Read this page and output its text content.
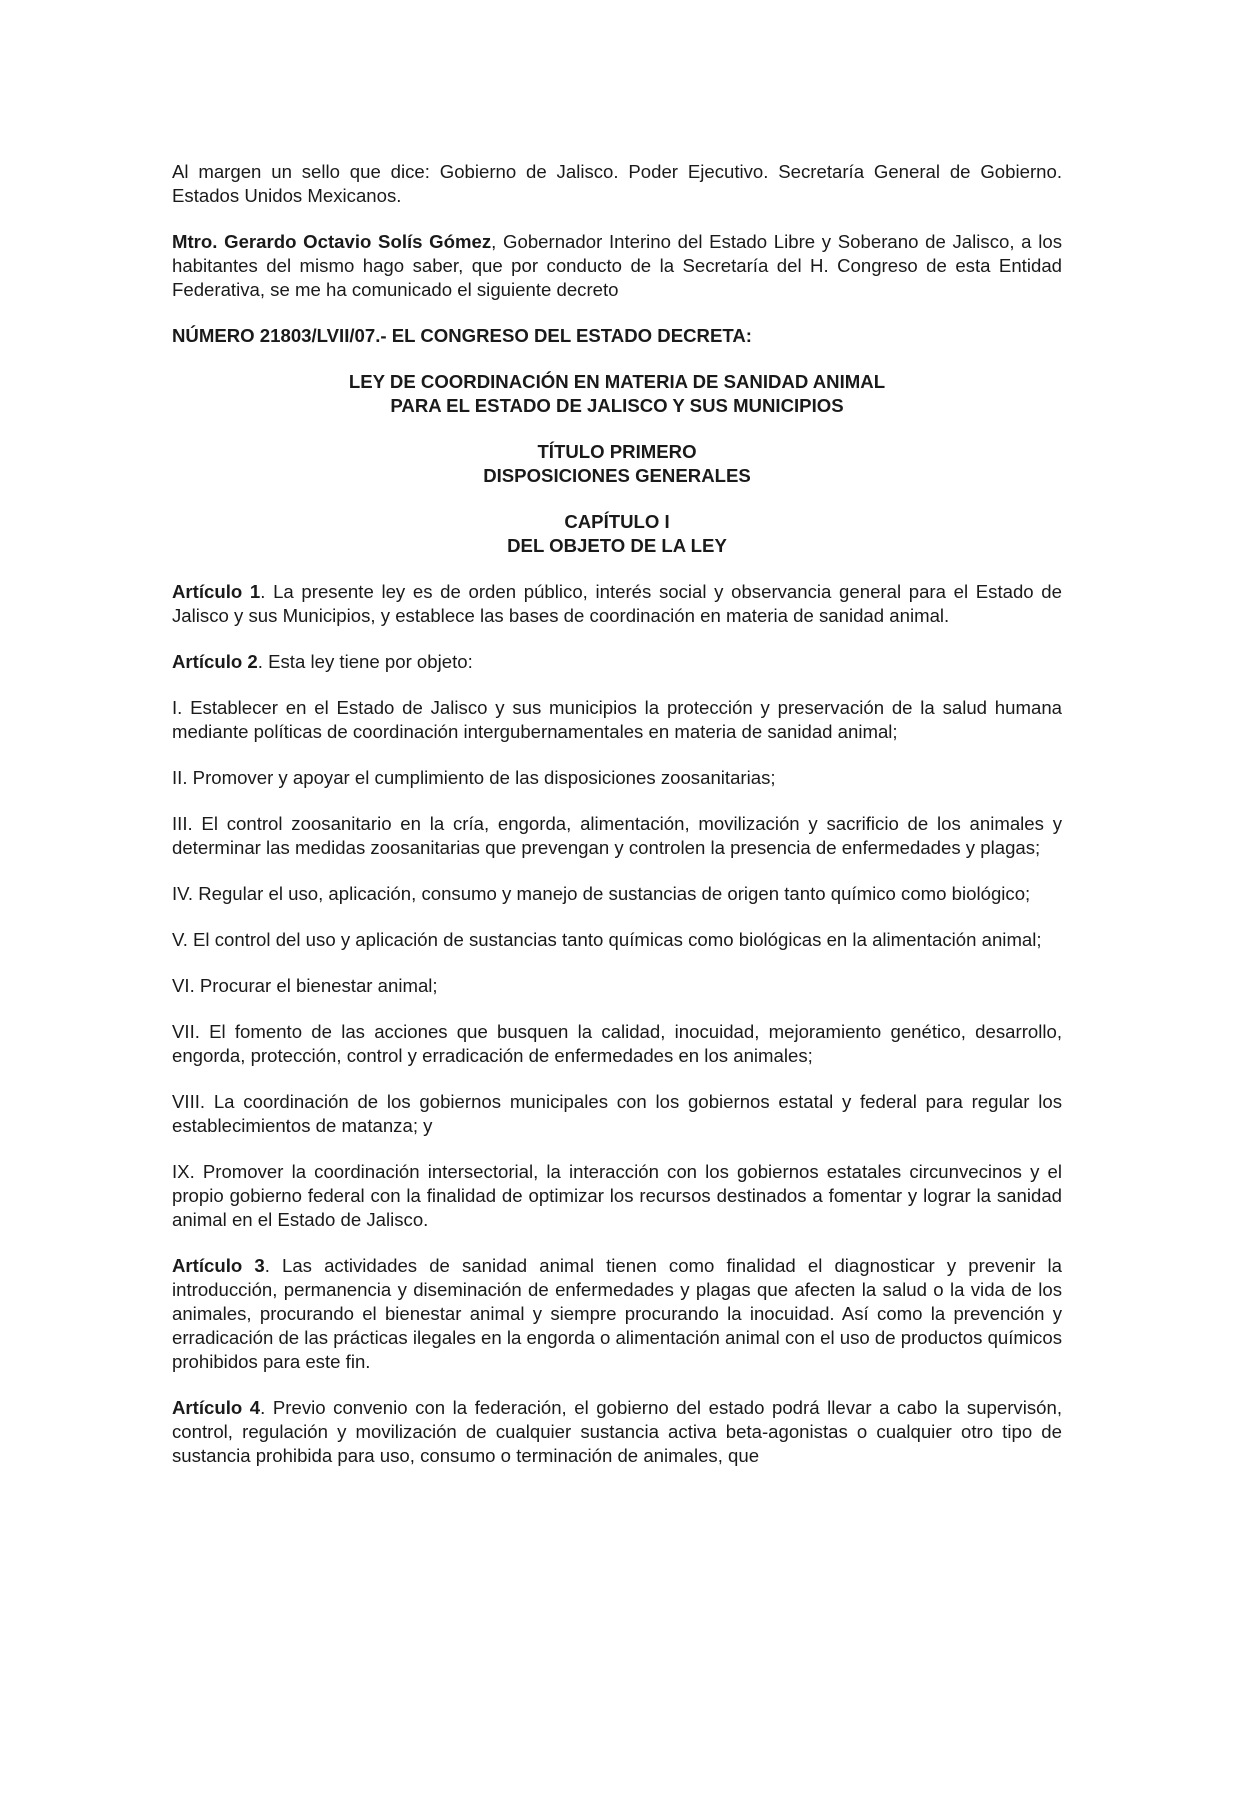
Al margen un sello que dice: Gobierno de Jalisco. Poder Ejecutivo. Secretaría General de Gobierno. Estados Unidos Mexicanos.

Mtro. Gerardo Octavio Solís Gómez, Gobernador Interino del Estado Libre y Soberano de Jalisco, a los habitantes del mismo hago saber, que por conducto de la Secretaría del H. Congreso de esta Entidad Federativa, se me ha comunicado el siguiente decreto

NÚMERO 21803/LVII/07.- EL CONGRESO DEL ESTADO DECRETA:

LEY DE COORDINACIÓN EN MATERIA DE SANIDAD ANIMAL
PARA EL ESTADO DE JALISCO Y SUS MUNICIPIOS
TÍTULO PRIMERO
DISPOSICIONES GENERALES
CAPÍTULO I
DEL OBJETO DE LA LEY

Artículo 1. La presente ley es de orden público, interés social y observancia general para el Estado de Jalisco y sus Municipios, y establece las bases de coordinación en materia de sanidad animal.

Artículo 2. Esta ley tiene por objeto:

I. Establecer en el Estado de Jalisco y sus municipios la protección y preservación de la salud humana mediante políticas de coordinación intergubernamentales en materia de sanidad animal;

II. Promover y apoyar el cumplimiento de las disposiciones zoosanitarias;

III. El control zoosanitario en la cría, engorda, alimentación, movilización y sacrificio de los animales y determinar las medidas zoosanitarias que prevengan y controlen la presencia de enfermedades y plagas;

IV. Regular el uso, aplicación, consumo y manejo de sustancias de origen tanto químico como biológico;

V. El control del uso y aplicación de sustancias tanto químicas como biológicas en la alimentación animal;

VI. Procurar el bienestar animal;

VII. El fomento de las acciones que busquen la calidad, inocuidad, mejoramiento genético, desarrollo, engorda, protección, control y erradicación de enfermedades en los animales;

VIII. La coordinación de los gobiernos municipales con los gobiernos estatal y federal para regular los establecimientos de matanza; y

IX. Promover la coordinación intersectorial, la interacción con los gobiernos estatales circunvecinos y el propio gobierno federal con la finalidad de optimizar los recursos destinados a fomentar y lograr la sanidad animal en el Estado de Jalisco.

Artículo 3. Las actividades de sanidad animal tienen como finalidad el diagnosticar y prevenir la introducción, permanencia y diseminación de enfermedades y plagas que afecten la salud o la vida de los animales, procurando el bienestar animal y siempre procurando la inocuidad. Así como la prevención y erradicación de las prácticas ilegales en la engorda o alimentación animal con el uso de productos químicos prohibidos para este fin.

Artículo 4. Previo convenio con la federación, el gobierno del estado podrá llevar a cabo la supervisón, control, regulación y movilización de cualquier sustancia activa beta-agonistas o cualquier otro tipo de sustancia prohibida para uso, consumo o terminación de animales, que
